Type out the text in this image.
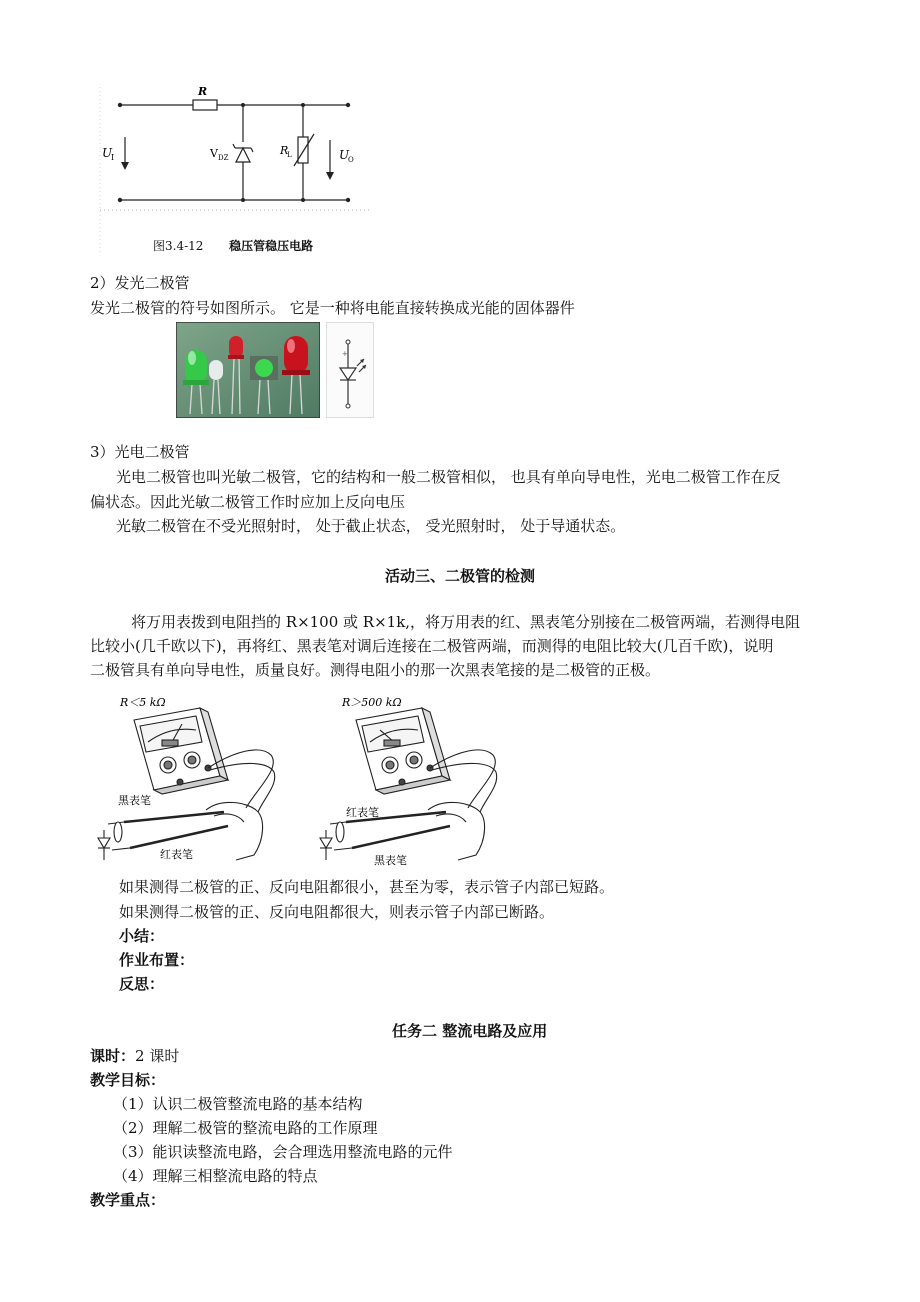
R
U
I	V DZ
R
L	U
O
图3.4-12 稳压管稳压电路
2）发光二极管
发光二极管的符号如图所示。 它是一种将电能直接转换成光能的固体器件
+
3）光电二极管
光电二极管也叫光敏二极管，它的结构和一般二极管相似， 也具有单向导电性，光电二极管工作在反
偏状态。因此光敏二极管工作时应加上反向电压
光敏二极管在不受光照射时， 处于截止状态， 受光照射时， 处于导通状态。
活动三、二极管的检测
将万用表拨到电阻挡的 R×100 或 R×1k,，将万用表的红、黑表笔分别接在二极管两端，若测得电阻
比较小(几千欧以下)，再将红、黑表笔对调后连接在二极管两端，而测得的电阻比较大(几百千欧)，说明
二极管具有单向导电性，质量良好。测得电阻小的那一次黑表笔接的是二极管的正极。
R＜5 kΩ
黑表笔
红表笔
R＞500 kΩ
红表笔
黑表笔
如果测得二极管的正、反向电阻都很小，甚至为零，表示管子内部已短路。
如果测得二极管的正、反向电阻都很大，则表示管子内部已断路。
小结：
作业布置：
反思：
任务二 整流电路及应用
课时：2 课时
教学目标：
（1）认识二极管整流电路的基本结构
（2）理解二极管的整流电路的工作原理
（3）能识读整流电路，会合理选用整流电路的元件
（4）理解三相整流电路的特点
教学重点：
